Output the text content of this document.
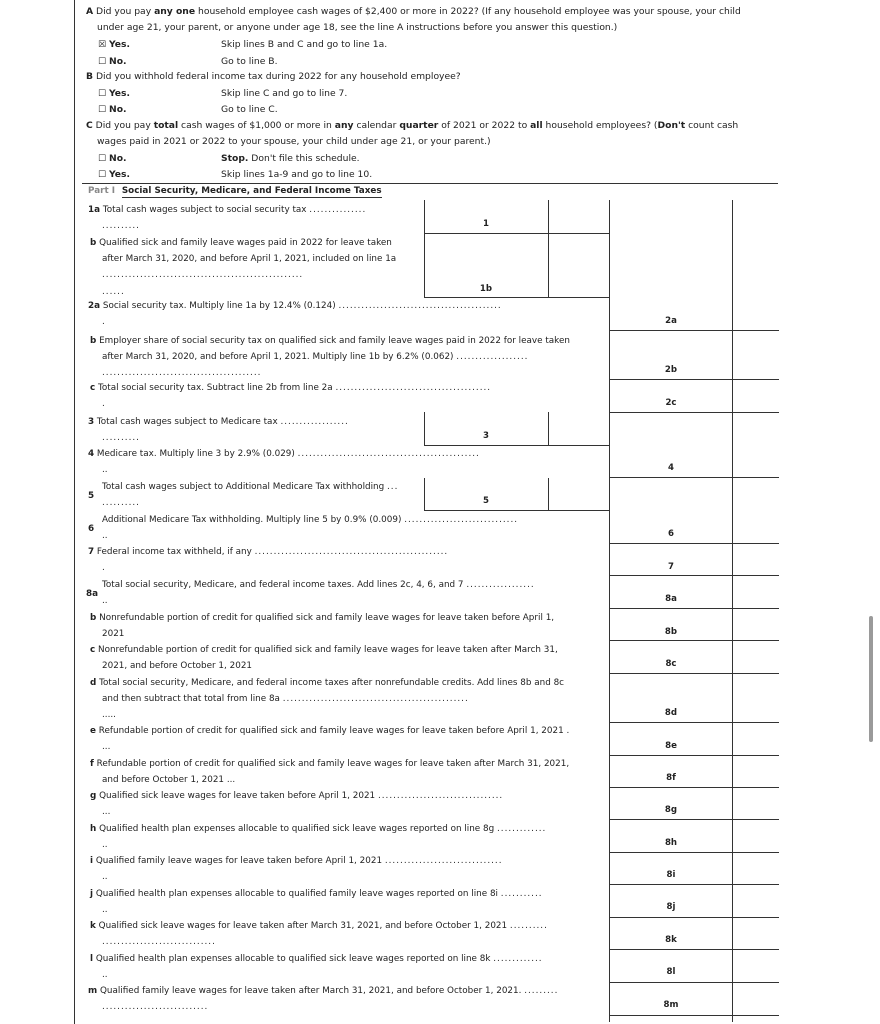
A Did you pay any one household employee cash wages of $2,400 or more in 2022? (If any household employee was your spouse, your child
under age 21, your parent, or anyone under age 18, see the line A instructions before you answer this question.)
☒ Yes.	Skip lines B and C and go to line 1a.
☐ No.	Go to line B.
B Did you withhold federal income tax during 2022 for any household employee?
☐ Yes.	Skip line C and go to line 7.
☐ No.	Go to line C.
C Did you pay total cash wages of $1,000 or more in any calendar quarter of 2021 or 2022 to all household employees? (Don't count cash
wages paid in 2021 or 2022 to your spouse, your child under age 21, or your parent.)
☐ No.	Stop. Don't file this schedule.
☐ Yes.	Skip lines 1a-9 and go to line 10.
Part I Social Security, Medicare, and Federal Income Taxes
1a Total cash wages subject to social security tax ...............
..........	1
b Qualified sick and family leave wages paid in 2022 for leave taken
after March 31, 2020, and before April 1, 2021, included on line 1a
.....................................................
......	1b
2a Social security tax. Multiply line 1a by 12.4% (0.124) ...........................................
.	2a
b Employer share of social security tax on qualified sick and family leave wages paid in 2022 for leave taken
after March 31, 2020, and before April 1, 2021. Multiply line 1b by 6.2% (0.062) ...................
..........................................	2b
c Total social security tax. Subtract line 2b from line 2a .........................................
.	2c
3 Total cash wages subject to Medicare tax ..................
..........	3
4 Medicare tax. Multiply line 3 by 2.9% (0.029) ................................................
..	4
5
Total cash wages subject to Additional Medicare Tax withholding ...
..........	5
6
Additional Medicare Tax withholding. Multiply line 5 by 0.9% (0.009) ..............................
..	6
7 Federal income tax withheld, if any ...................................................
.	7
8a
Total social security, Medicare, and federal income taxes. Add lines 2c, 4, 6, and 7 ..................
..	8a
b Nonrefundable portion of credit for qualified sick and family leave wages for leave taken before April 1,
2021	8b
c Nonrefundable portion of credit for qualified sick and family leave wages for leave taken after March 31,
2021, and before October 1, 2021	8c
d Total social security, Medicare, and federal income taxes after nonrefundable credits. Add lines 8b and 8c
and then subtract that total from line 8a .................................................
.....	8d
e Refundable portion of credit for qualified sick and family leave wages for leave taken before April 1, 2021 .
...	8e
f Refundable portion of credit for qualified sick and family leave wages for leave taken after March 31, 2021,
and before October 1, 2021 ...	8f
g Qualified sick leave wages for leave taken before April 1, 2021 .................................
...	8g
h Qualified health plan expenses allocable to qualified sick leave wages reported on line 8g .............
..	8h
i Qualified family leave wages for leave taken before April 1, 2021 ...............................
..	8i
j Qualified health plan expenses allocable to qualified family leave wages reported on line 8i ...........
..	8j
k Qualified sick leave wages for leave taken after March 31, 2021, and before October 1, 2021 ..........
..............................	8k
l Qualified health plan expenses allocable to qualified sick leave wages reported on line 8k .............
..	8l
m Qualified family leave wages for leave taken after March 31, 2021, and before October 1, 2021. .........
............................	8m
